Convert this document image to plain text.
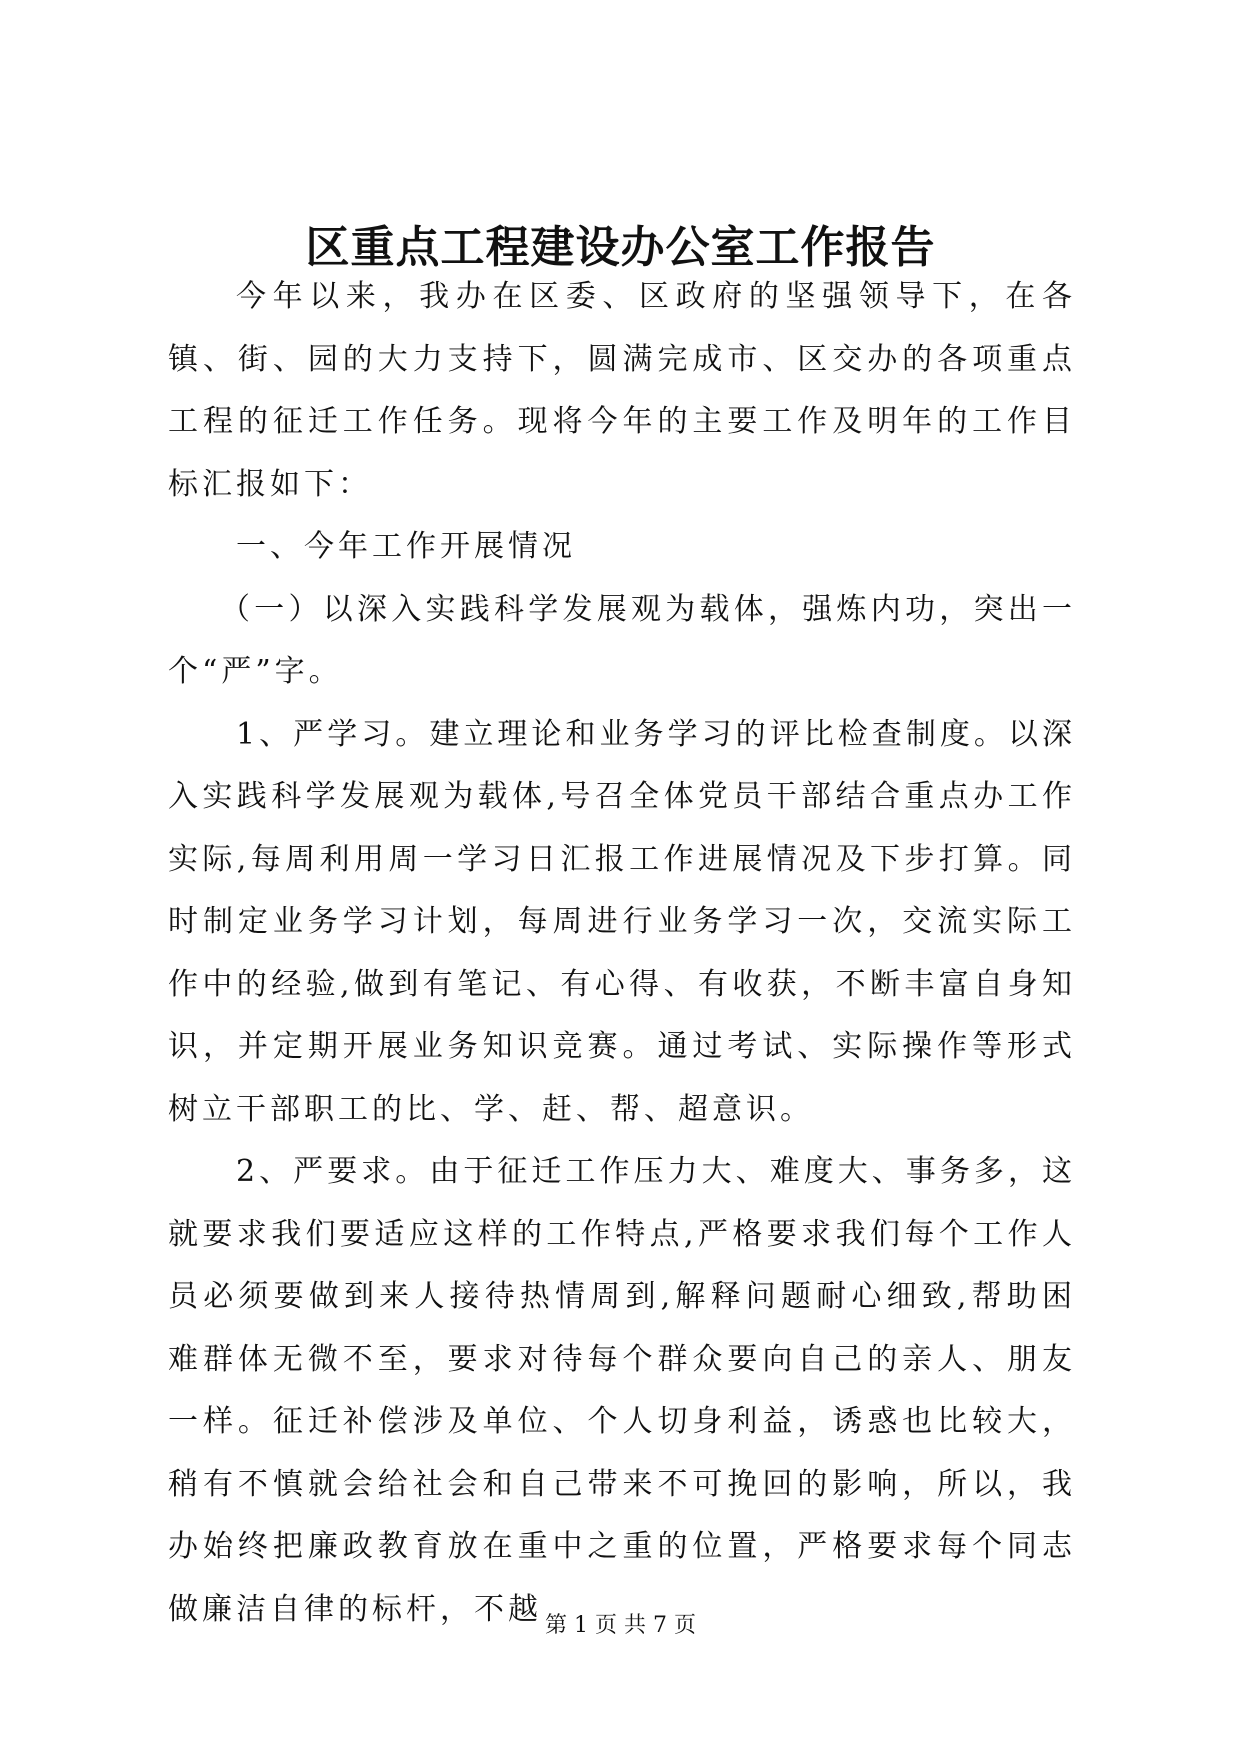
区重点工程建设办公室工作报告

今年以来，我办在区委、区政府的坚强领导下，在各镇、街、园的大力支持下，圆满完成市、区交办的各项重点工程的征迁工作任务。现将今年的主要工作及明年的工作目标汇报如下：

一、今年工作开展情况

（一）以深入实践科学发展观为载体，强炼内功，突出一个“严”字。

1、严学习。建立理论和业务学习的评比检查制度。以深入实践科学发展观为载体,号召全体党员干部结合重点办工作实际,每周利用周一学习日汇报工作进展情况及下步打算。同时制定业务学习计划，每周进行业务学习一次，交流实际工作中的经验,做到有笔记、有心得、有收获，不断丰富自身知识，并定期开展业务知识竞赛。通过考试、实际操作等形式树立干部职工的比、学、赶、帮、超意识。

2、严要求。由于征迁工作压力大、难度大、事务多，这就要求我们要适应这样的工作特点,严格要求我们每个工作人员必须要做到来人接待热情周到,解释问题耐心细致,帮助困难群体无微不至，要求对待每个群众要向自己的亲人、朋友一样。征迁补偿涉及单位、个人切身利益，诱惑也比较大，稍有不慎就会给社会和自己带来不可挽回的影响，所以，我办始终把廉政教育放在重中之重的位置，严格要求每个同志做廉洁自律的标杆，不越 第 1 页 共 7 页
